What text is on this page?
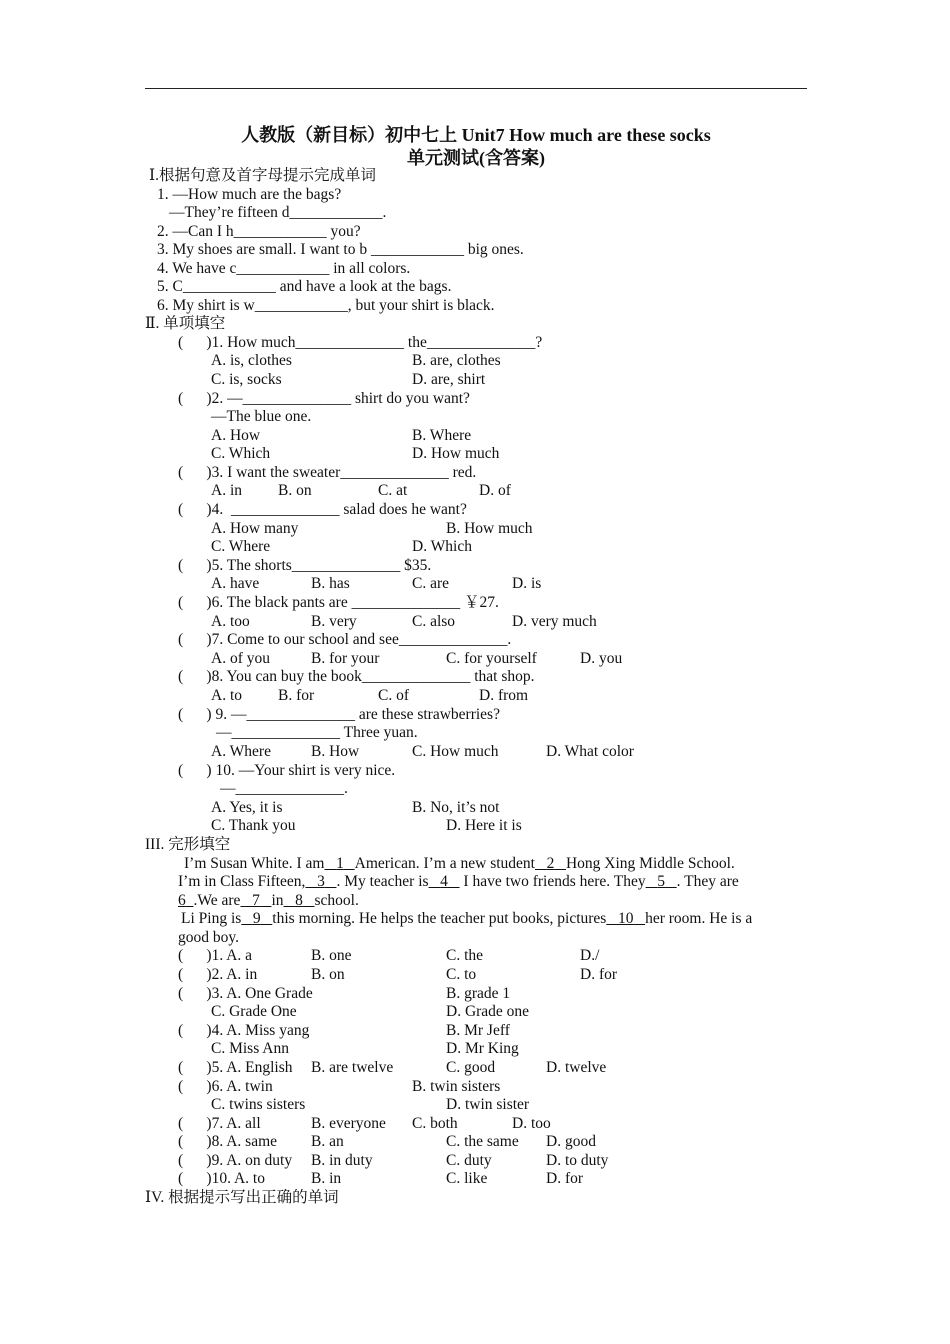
人教版（新目标）初中七上 Unit7 How much are these socks
单元测试(含答案)
Ⅰ.根据句意及首字母提示完成单词
1. —How much are the bags?
—They’re fifteen d____________.
2. —Can I h____________ you?
3. My shoes are small. I want to b ____________ big ones.
4. We have c____________ in all colors.
5. C____________ and have a look at the bags.
6. My shirt is w____________, but your shirt is black.
Ⅱ. 单项填空
(      )1. How much______________ the______________?
A. is, clothes	B. are, clothes
C. is, socks	D. are, shirt
(      )2. —______________ shirt do you want?
—The blue one.
A. How	B. Where
C. Which	D. How much
(      )3. I want the sweater______________ red.
A. in B. on	C. at	D. of
(      )4.  ______________ salad does he want?
A. How many	B. How much
C. Where	D. Which
(      )5. The shorts______________ $35.
A. have	B. has	C. are	D. is
(      )6. The black pants are ______________ ￥27.
A. too	B. very	C. also	D. very much
(      )7. Come to our school and see______________.
A. of you	B. for your	C. for yourself	D. you
(      )8. You can buy the book______________ that shop.
A. to B. for	C. of	D. from
(      ) 9. —______________ are these strawberries?
—______________ Three yuan.
A. Where	B. How	C. How much	D. What color
(      ) 10. —Your shirt is very nice.
—______________.
A. Yes, it is	B. No, it’s not
C. Thank you	D. Here it is
III. 完形填空
I’m Susan White. I am 1 American. I’m a new student 2 Hong Xing Middle School.
I’m in Class Fifteen, 3 . My teacher is 4    I have two friends here. They 5 . They are
6 .We are 7 in 8 school.
Li Ping is 9 this morning. He helps the teacher put books, pictures 10 her room. He is a
good boy.
(      )1. A. a	B. one	C. the	D./
(      )2. A. in	B. on	C. to	D. for
(      )3. A. One Grade	B. grade 1
C. Grade One	D. Grade one
(      )4. A. Miss yang	B. Mr Jeff
C. Miss Ann	D. Mr King
(      )5. A. English B. are twelve	C. good	D. twelve
(      )6. A. twin	B. twin sisters
C. twins sisters	D. twin sister
(      )7. A. all	B. everyone C. both	D. too
(      )8. A. same B. an	C. the same D. good
(      )9. A. on duty B. in duty	C. duty	D. to duty
(      )10. A. to	B. in	C. like	D. for
ⅠV. 根据提示写出正确的单词
